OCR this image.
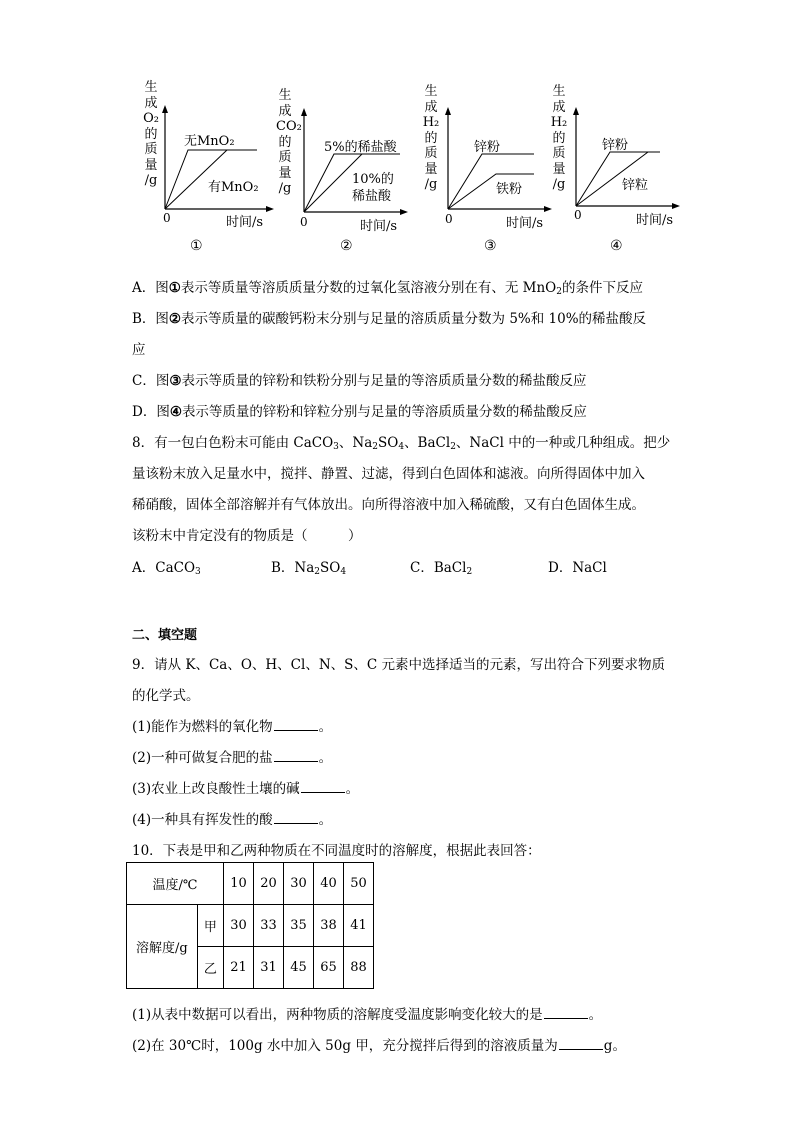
生
成
O₂
的
质
量
/g
无MnO₂
有MnO₂
0	时间/s
①
生
成
CO₂
的
质
量
/g
5%的稀盐酸
10%的
稀盐酸
0	时间/s
②
生
成
H₂
的
质
量
/g
锌粉
铁粉
0	时间/s
③
生
成
H₂
的
质
量
/g
锌粉
锌粒
0	时间/s
④
A．图①表示等质量等溶质质量分数的过氧化氢溶液分别在有、无 MnO$_2$的条件下反应
B．图②表示等质量的碳酸钙粉末分别与足量的溶质质量分数为 5%和 10%的稀盐酸反
应
C．图③表示等质量的锌粉和铁粉分别与足量的等溶质质量分数的稀盐酸反应
D．图④表示等质量的锌粉和锌粒分别与足量的等溶质质量分数的稀盐酸反应
8．有一包白色粉末可能由 CaCO$_3$、$Na_2SO_4$、BaCl$_2$、NaCl 中的一种或几种组成。把少
量该粉末放入足量水中，搅拌、静置、过滤，得到白色固体和滤液。向所得固体中加入
稀硝酸，固体全部溶解并有气体放出。向所得溶液中加入稀硫酸，又有白色固体生成。
该粉末中肯定没有的物质是（　　　）
A．CaCO$_3$	B．$Na_2SO_4$	C．BaCl$_2$	D．NaCl
二、填空题
9．请从 K、Ca、O、H、Cl、N、S、C 元素中选择适当的元素，写出符合下列要求物质
的化学式。
(1)能作为燃料的氧化物	。
(2)一种可做复合肥的盐	。
(3)农业上改良酸性土壤的碱	。
(4)一种具有挥发性的酸	。
10．下表是甲和乙两种物质在不同温度时的溶解度，根据此表回答：
温度/℃		10	20	30	40	50
溶解度/g	甲	30	33	35	38	41
	乙	21	31	45	65	88
(1)从表中数据可以看出，两种物质的溶解度受温度影响变化较大的是	。
(2)在 30℃时，100g 水中加入 50g 甲，充分搅拌后得到的溶液质量为	g。
